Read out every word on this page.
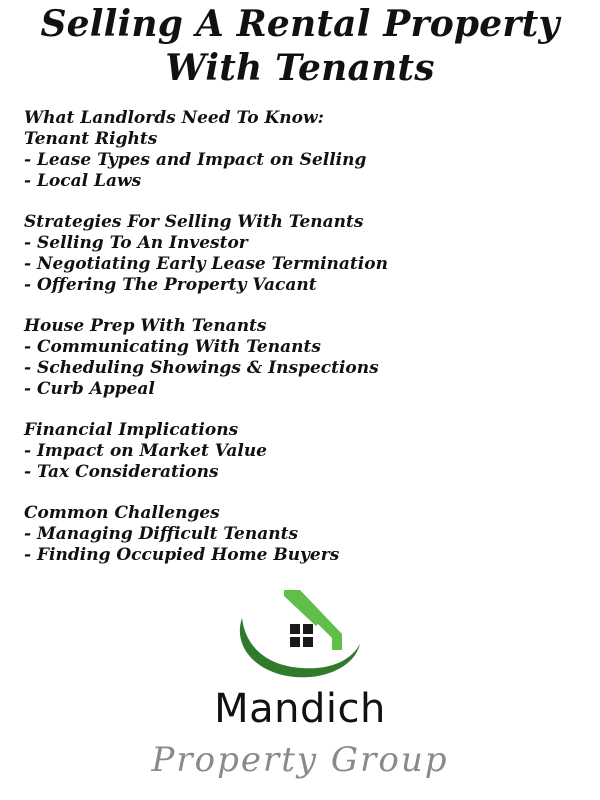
Selling A Rental Property
With Tenants
What Landlords Need To Know:
Tenant Rights
- Lease Types and Impact on Selling
- Local Laws
Strategies For Selling With Tenants
- Selling To An Investor
- Negotiating Early Lease Termination
- Offering The Property Vacant
House Prep With Tenants
- Communicating With Tenants
- Scheduling Showings & Inspections
- Curb Appeal
Financial Implications
- Impact on Market Value
- Tax Considerations
Common Challenges
- Managing Difficult Tenants
- Finding Occupied Home Buyers
Mandich
Property Group
